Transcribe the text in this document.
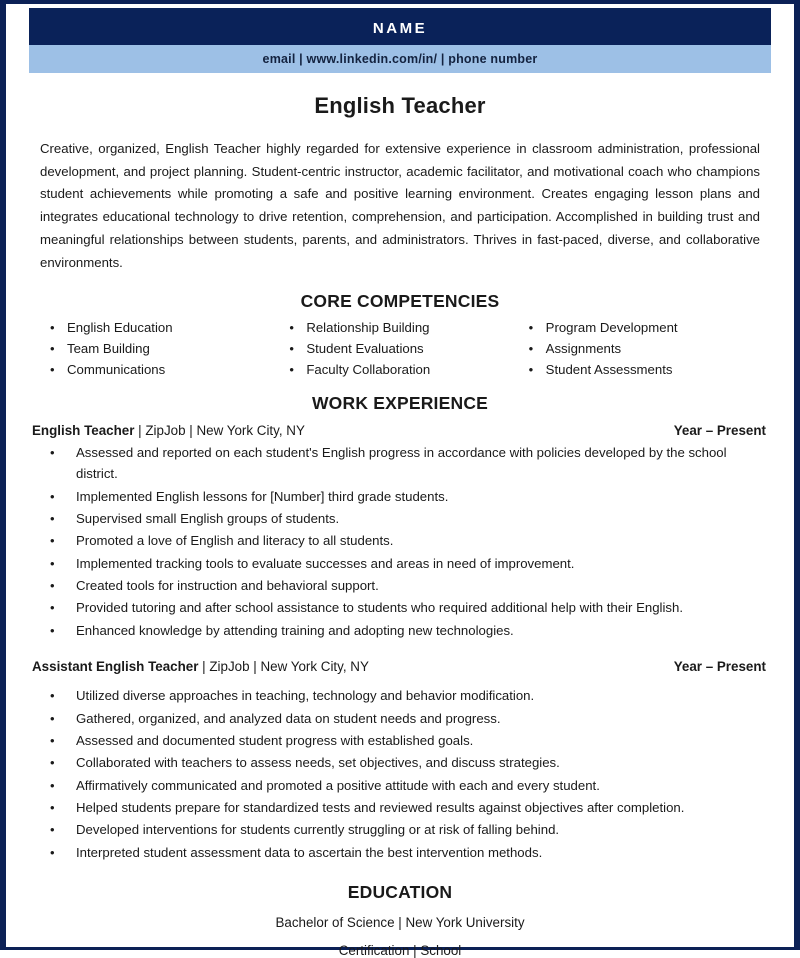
name
email | www.linkedin.com/in/ | phone number
English Teacher

Creative, organized, English Teacher highly regarded for extensive experience in classroom administration, professional development, and project planning. Student-centric instructor, academic facilitator, and motivational coach who champions student achievements while promoting a safe and positive learning environment. Creates engaging lesson plans and integrates educational technology to drive retention, comprehension, and participation. Accomplished in building trust and meaningful relationships between students, parents, and administrators. Thrives in fast-paced, diverse, and collaborative environments.

CORE COMPETENCIES
• English Education
• Team Building
• Communications
• Relationship Building
• Student Evaluations
• Faculty Collaboration
• Program Development
• Assignments
• Student Assessments
WORK EXPERIENCE
English Teacher | ZipJob | New York City, NY	Year – Present
•	Assessed and reported on each student's English progress in accordance with policies developed by the school district.
•	Implemented English lessons for [Number] third grade students.
•	Supervised small English groups of students.
•	Promoted a love of English and literacy to all students.
•	Implemented tracking tools to evaluate successes and areas in need of improvement.
•	Created tools for instruction and behavioral support.
•	Provided tutoring and after school assistance to students who required additional help with their English.
•	Enhanced knowledge by attending training and adopting new technologies.
Assistant English Teacher | ZipJob | New York City, NY	Year – Present
•	Utilized diverse approaches in teaching, technology and behavior modification.
•	Gathered, organized, and analyzed data on student needs and progress.
•	Assessed and documented student progress with established goals.
•	Collaborated with teachers to assess needs, set objectives, and discuss strategies.
•	Affirmatively communicated and promoted a positive attitude with each and every student.
•	Helped students prepare for standardized tests and reviewed results against objectives after completion.
•	Developed interventions for students currently struggling or at risk of falling behind.
•	Interpreted student assessment data to ascertain the best intervention methods.
EDUCATION
Bachelor of Science | New York University
Certification | School
